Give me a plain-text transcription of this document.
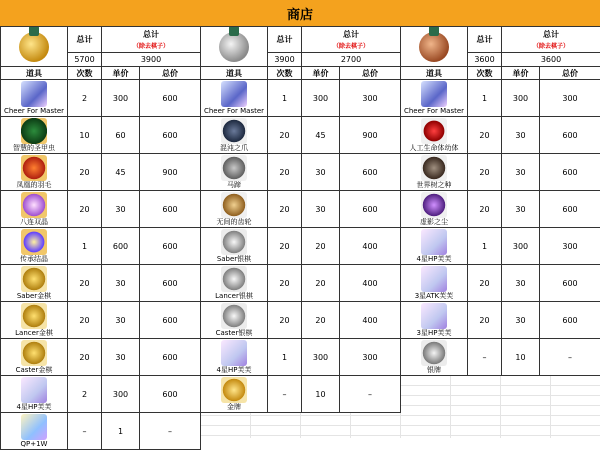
商店
	总计	总计
（除去棋子）	

	5700	3900	
道具	次数	单价	总价

Cheer For Master	2	300	600

智慧的圣甲虫	10	60	600

凤凰的羽毛	20	45	900

八连双晶	20	30	600

传承结晶	1	600	600

Saber金棋	20	30	600

Lancer金棋	20	30	600

Caster金棋	20	30	600

4星HP芙芙	2	300	600

QP+1W	–	1	–
	总计	总计
（除去棋子）	

	3900	2700	
道具	次数	单价	总价

Cheer For Master	1	300	300

混沌之爪	20	45	900

马蹄	20	30	600

无间的齿轮	20	30	600

Saber银棋	20	20	400

Lancer银棋	20	20	400

Caster银棋	20	20	400

4星HP芙芙	1	300	300

金牌	–	10	–
	总计	总计
（除去棋子）	

	3600	3600	
道具	次数	单价	总价

Cheer For Master	1	300	300

人工生命体幼体	20	30	600

世界树之种	20	30	600

虚影之尘	20	30	600

4星HP芙芙	1	300	300

3星ATK芙芙	20	30	600

3星HP芙芙	20	30	600

银牌	–	10	–
